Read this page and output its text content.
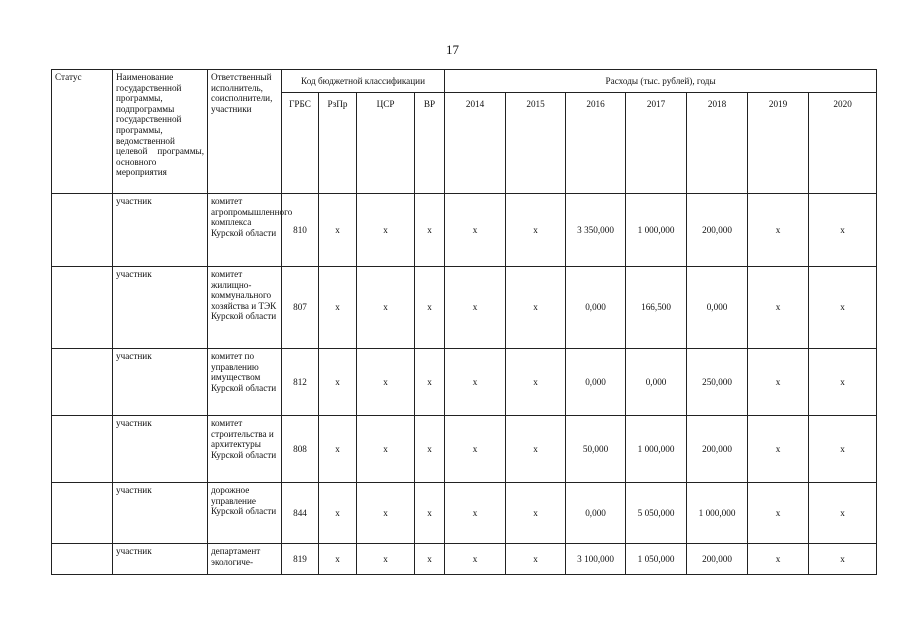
17
Статус	Наименование государственной программы, подпрограммы государственной программы, ведомственной целевой программы, основного мероприятия	Ответственный исполнитель, соисполнители, участники	Код бюджетной классификации				Расходы (тыс. рублей), годы						
			ГРБС	РзПр	ЦСР	ВР	2014	2015	2016	2017	2018	2019	2020
	участник	комитет агропромышленного комплекса Курской области	810	x	x	x	x	x	3 350,000	1 000,000	200,000	x	x
	участник	комитет жилищно-коммунального хозяйства и ТЭК Курской области	807	x	x	x	x	x	0,000	166,500	0,000	x	x
	участник	комитет по управлению имуществом Курской области	812	x	x	x	x	x	0,000	0,000	250,000	x	x
	участник	комитет строительства и архитектуры Курской области	808	x	x	x	x	x	50,000	1 000,000	200,000	x	x
	участник	дорожное управление Курской области	844	x	x	x	x	x	0,000	5 050,000	1 000,000	x	x
	участник	департамент экологиче-	819	x	x	x	x	x	3 100,000	1 050,000	200,000	x	x
